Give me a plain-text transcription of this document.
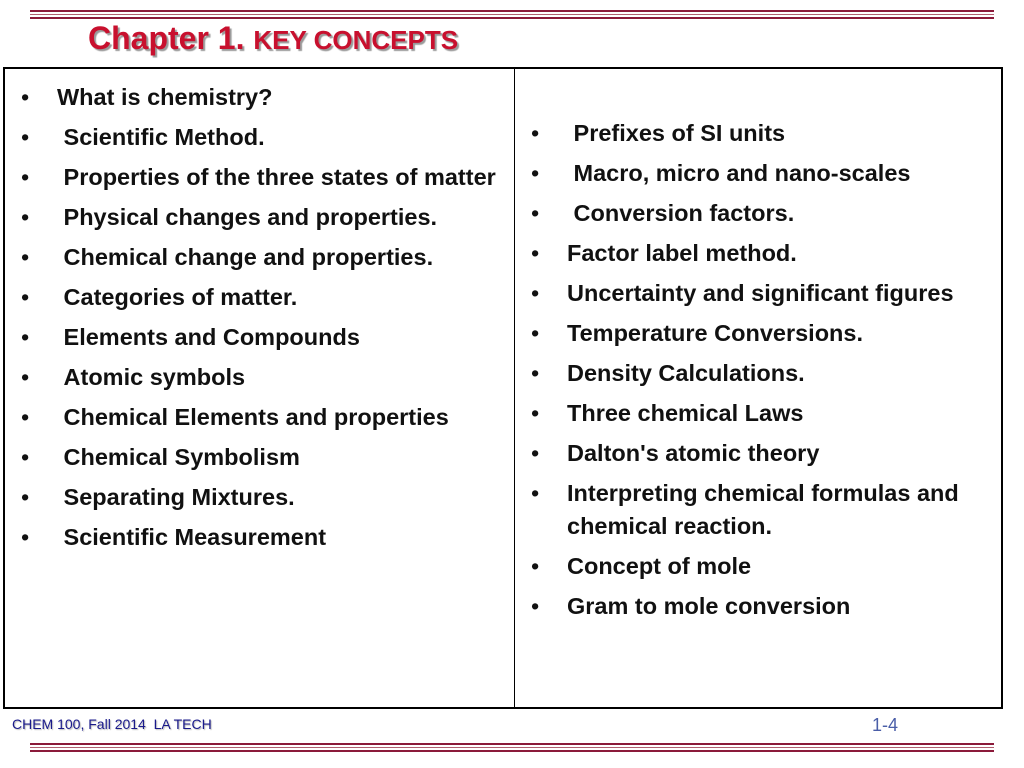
Chapter 1. KEY CONCEPTS
• What is chemistry?
• Scientific Method.
• Properties of the three states of matter
• Physical changes and properties.
• Chemical change and properties.
• Categories of matter.
• Elements and Compounds
• Atomic symbols
• Chemical Elements and properties
• Chemical Symbolism
• Separating Mixtures.
• Scientific Measurement
• Prefixes of SI units
• Macro, micro and nano-scales
• Conversion factors.
• Factor label method.
• Uncertainty and significant figures
• Temperature Conversions.
• Density Calculations.
• Three chemical Laws
• Dalton's atomic theory
• Interpreting chemical formulas and chemical reaction.
• Concept of mole
• Gram to mole conversion
CHEM 100, Fall 2014  LA TECH	1-4
